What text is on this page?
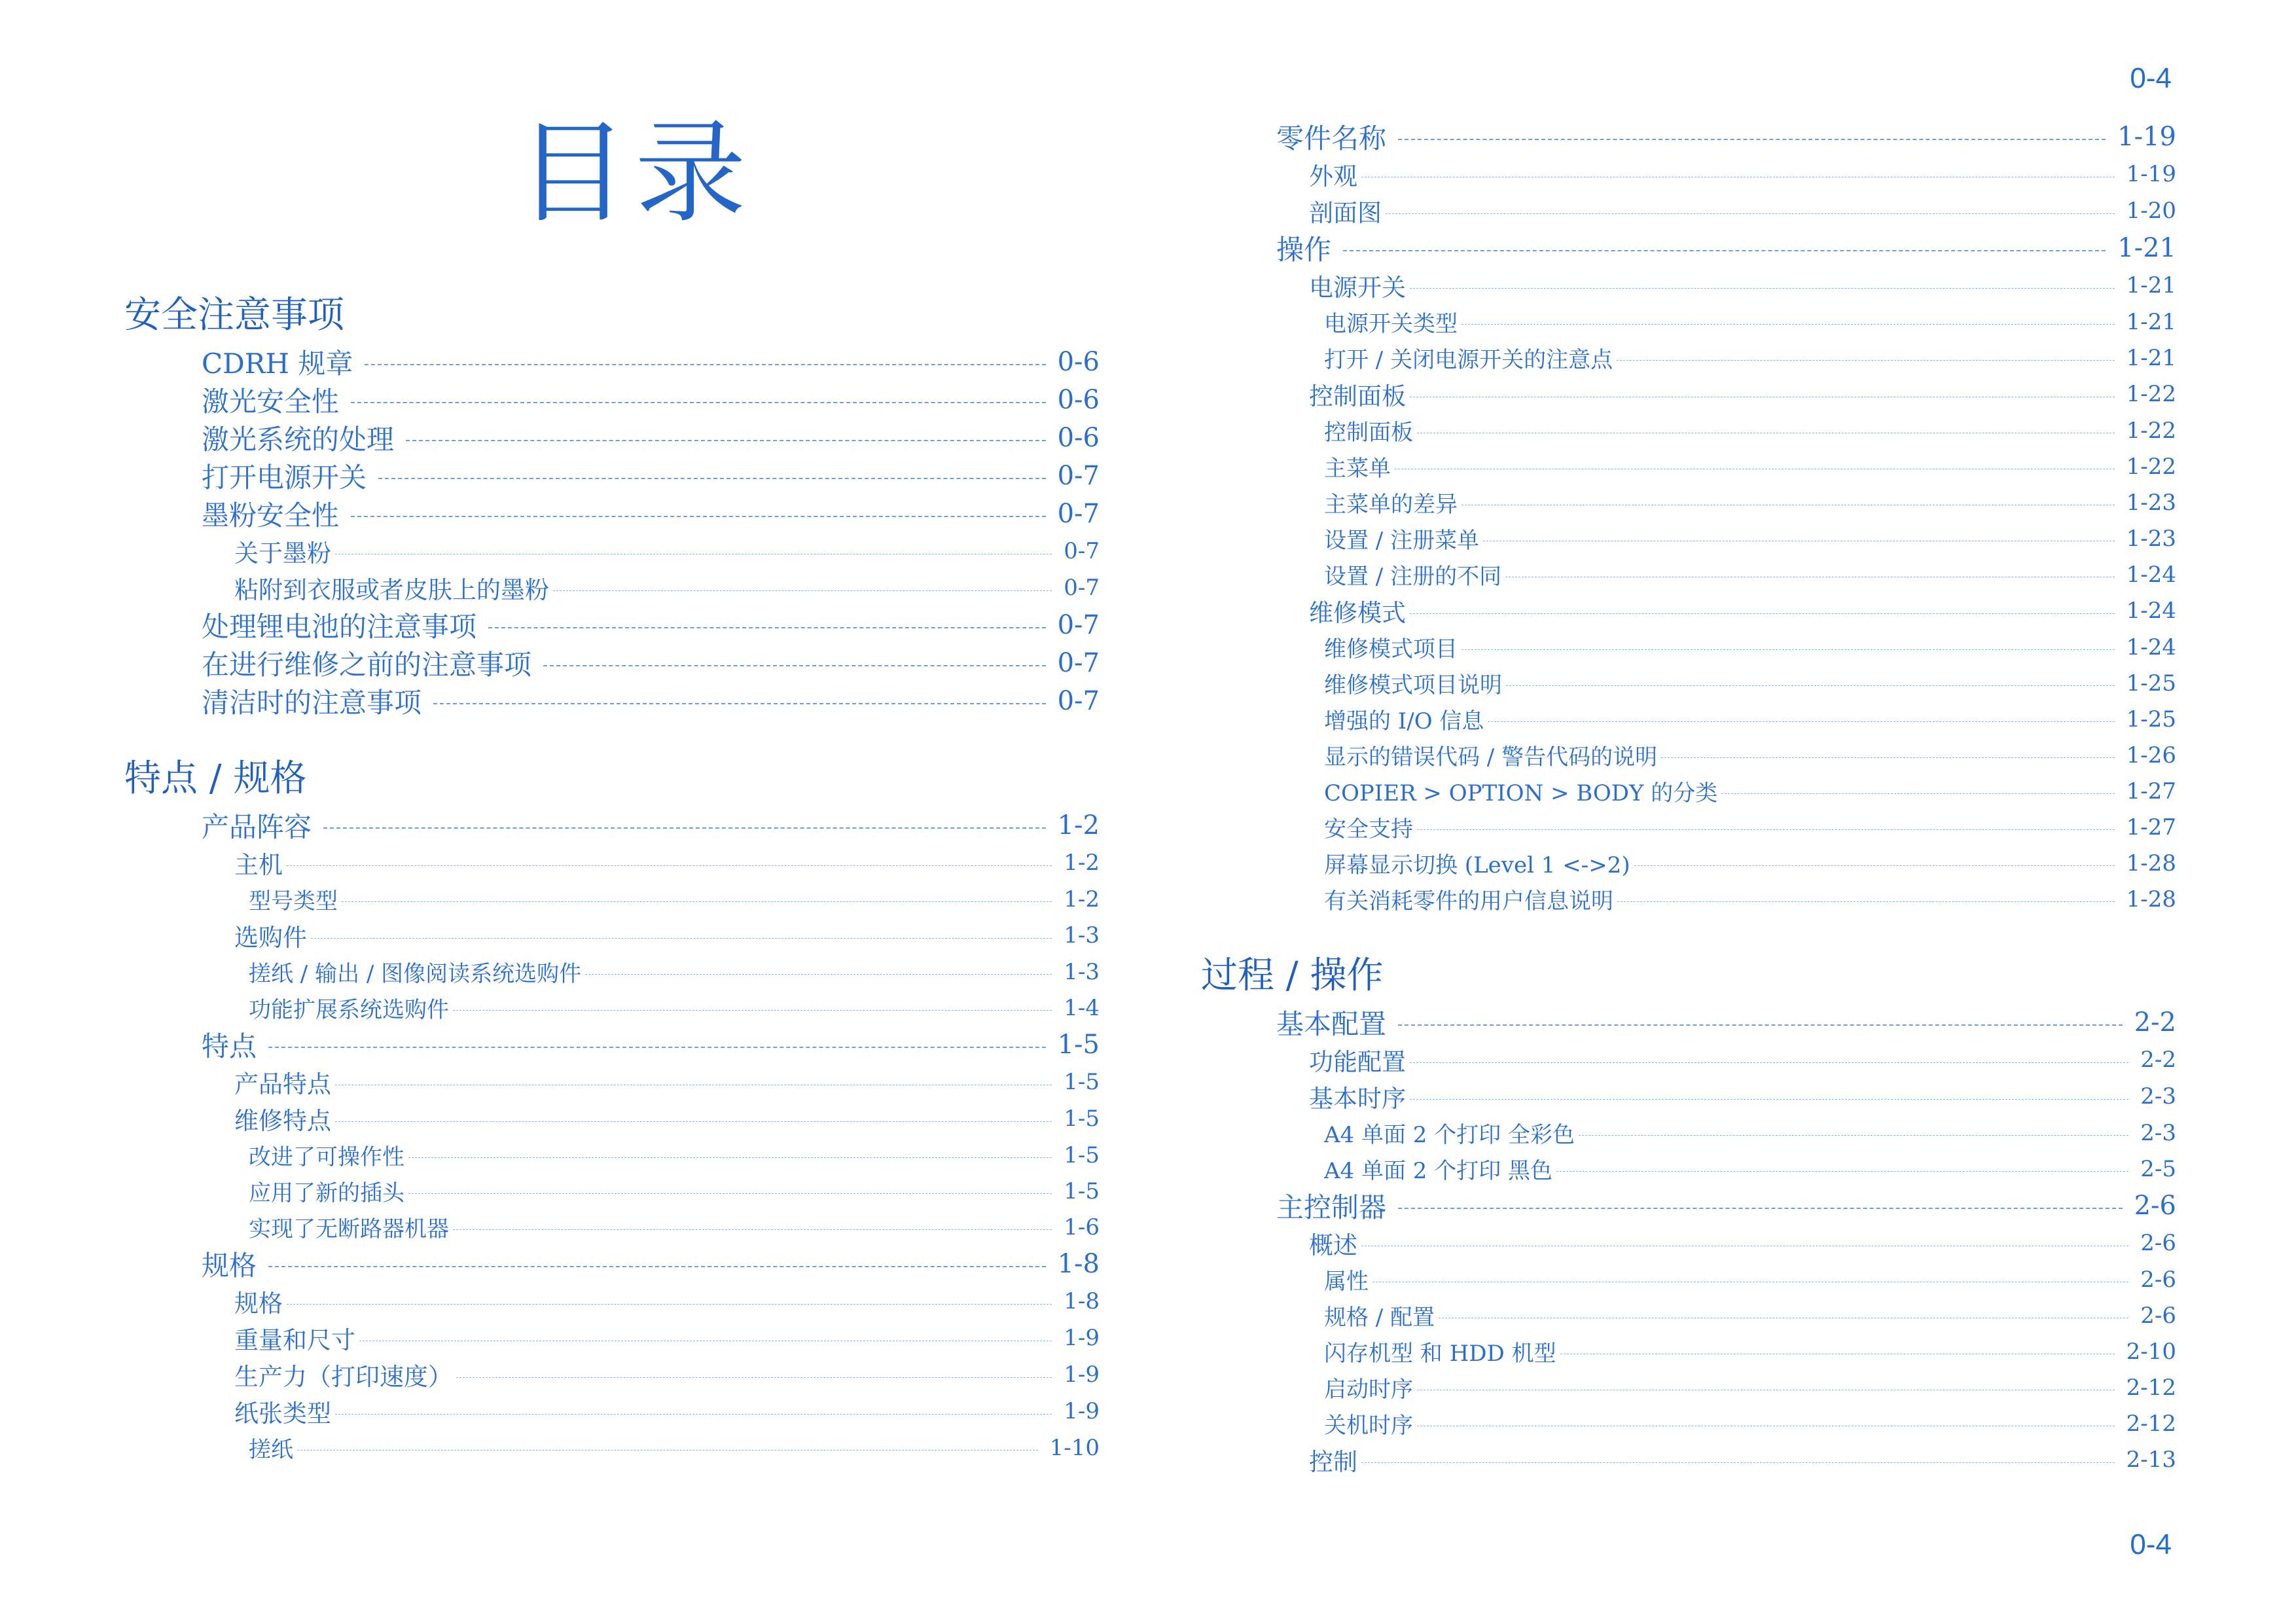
0-4
目录
安全注意事项
CDRH 规章	0-6
激光安全性	0-6
激光系统的处理	0-6
打开电源开关	0-7
墨粉安全性	0-7
关于墨粉	0-7
粘附到衣服或者皮肤上的墨粉	0-7
处理锂电池的注意事项	0-7
在进行维修之前的注意事项	0-7
清洁时的注意事项	0-7
特点 / 规格
产品阵容	1-2
主机	1-2
型号类型	1-2
选购件	1-3
搓纸 / 输出 / 图像阅读系统选购件	1-3
功能扩展系统选购件	1-4
特点	1-5
产品特点	1-5
维修特点	1-5
改进了可操作性	1-5
应用了新的插头	1-5
实现了无断路器机器	1-6
规格	1-8
规格	1-8
重量和尺寸	1-9
生产力（打印速度）	1-9
纸张类型	1-9
搓纸	1-10
零件名称	1-19
外观	1-19
剖面图	1-20
操作	1-21
电源开关	1-21
电源开关类型	1-21
打开 / 关闭电源开关的注意点	1-21
控制面板	1-22
控制面板	1-22
主菜单	1-22
主菜单的差异	1-23
设置 / 注册菜单	1-23
设置 / 注册的不同	1-24
维修模式	1-24
维修模式项目	1-24
维修模式项目说明	1-25
增强的 I/O 信息	1-25
显示的错误代码 / 警告代码的说明	1-26
COPIER > OPTION > BODY 的分类	1-27
安全支持	1-27
屏幕显示切换 (Level 1 <->2)	1-28
有关消耗零件的用户信息说明	1-28
过程 / 操作
基本配置	2-2
功能配置	2-2
基本时序	2-3
A4 单面 2 个打印 全彩色	2-3
A4 单面 2 个打印 黑色	2-5
主控制器	2-6
概述	2-6
属性	2-6
规格 / 配置	2-6
闪存机型 和 HDD 机型	2-10
启动时序	2-12
关机时序	2-12
控制	2-13
0-4
